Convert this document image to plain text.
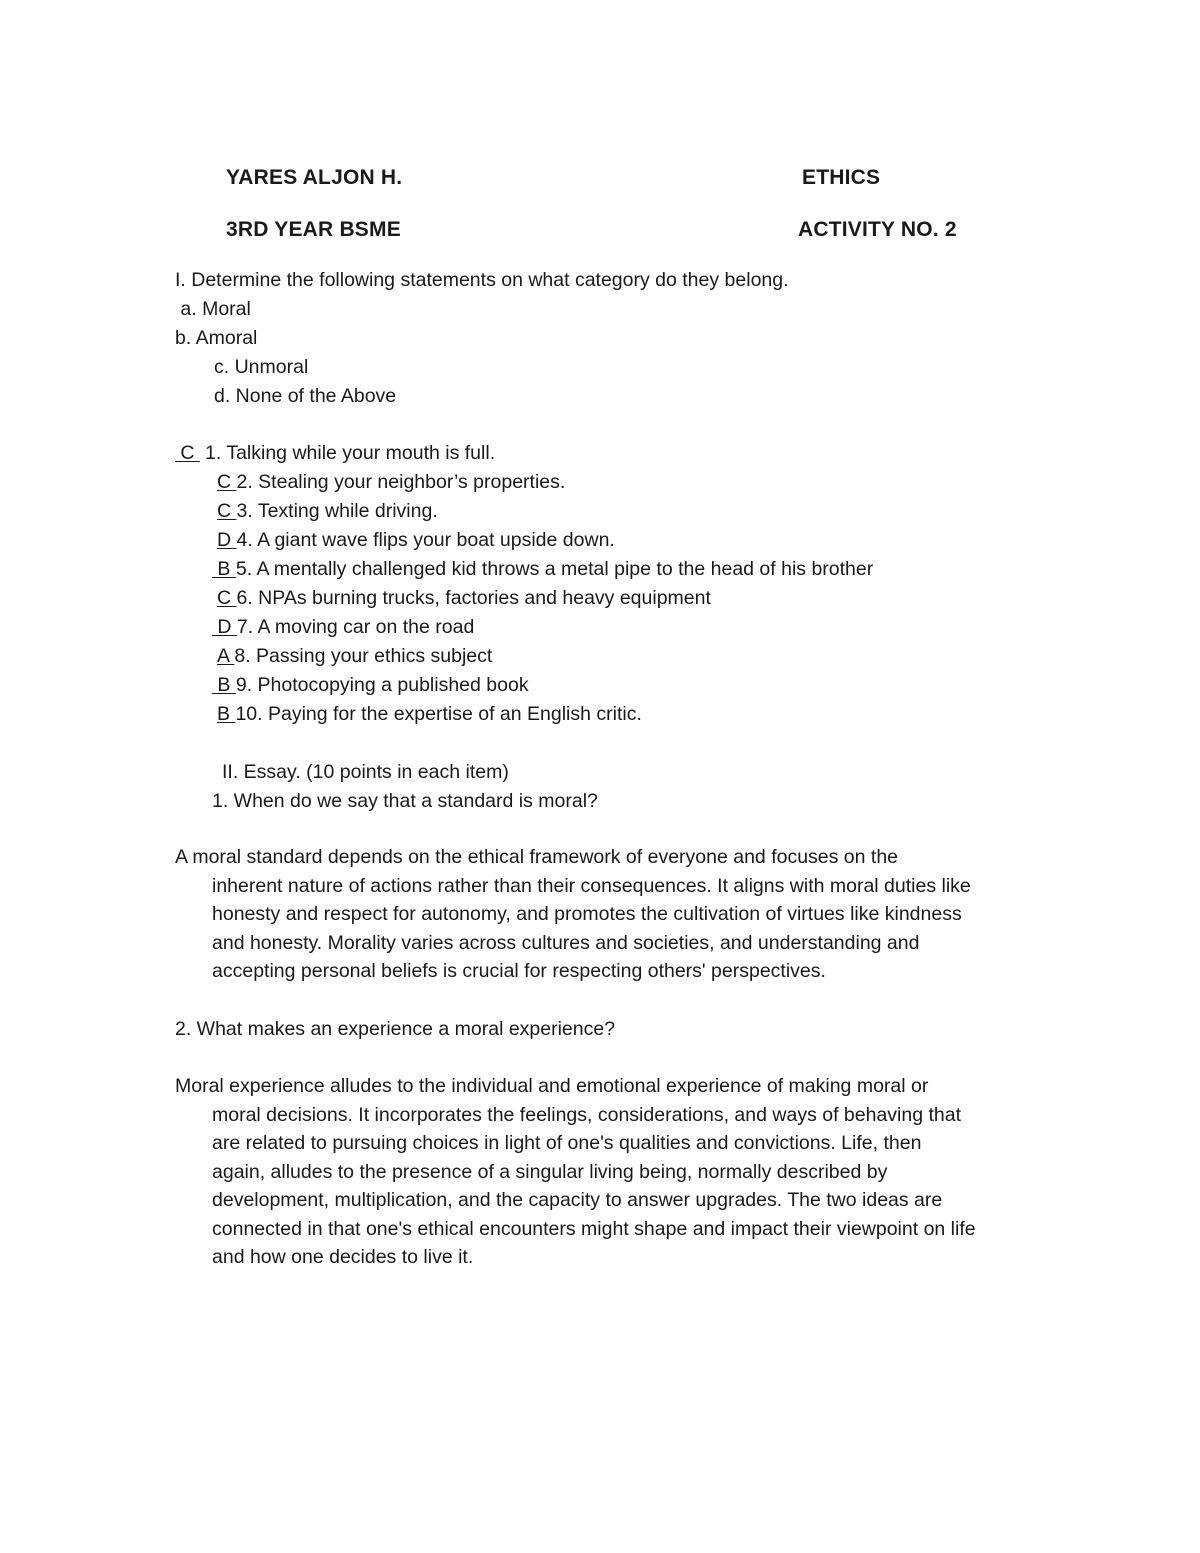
YARES ALJON H.	ETHICS
3RD YEAR BSME	ACTIVITY NO. 2
I. Determine the following statements on what category do they belong.
a. Moral
b. Amoral
c. Unmoral
d. None of the Above
C 1. Talking while your mouth is full.
C 2. Stealing your neighbor’s properties.
C 3. Texting while driving.
D 4. A giant wave flips your boat upside down.
B 5. A mentally challenged kid throws a metal pipe to the head of his brother
C 6. NPAs burning trucks, factories and heavy equipment
D 7. A moving car on the road
A 8. Passing your ethics subject
B 9. Photocopying a published book
B 10. Paying for the expertise of an English critic.
II. Essay. (10 points in each item)
1. When do we say that a standard is moral?
A moral standard depends on the ethical framework of everyone and focuses on the
inherent nature of actions rather than their consequences. It aligns with moral duties like
honesty and respect for autonomy, and promotes the cultivation of virtues like kindness
and honesty. Morality varies across cultures and societies, and understanding and
accepting personal beliefs is crucial for respecting others' perspectives.
2. What makes an experience a moral experience?
Moral experience alludes to the individual and emotional experience of making moral or
moral decisions. It incorporates the feelings, considerations, and ways of behaving that
are related to pursuing choices in light of one's qualities and convictions. Life, then
again, alludes to the presence of a singular living being, normally described by
development, multiplication, and the capacity to answer upgrades. The two ideas are
connected in that one's ethical encounters might shape and impact their viewpoint on life
and how one decides to live it.
